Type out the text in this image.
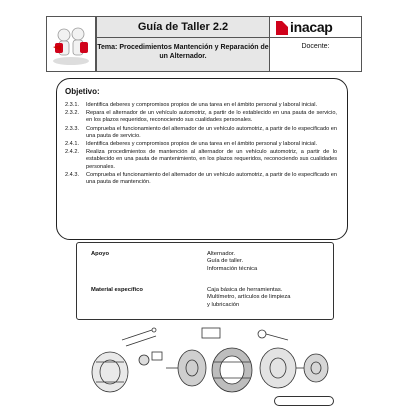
Guía de Taller 2.2
Tema: Procedimientos Mantención y Reparación de un Alternador.
inacap
Docente:
Objetivo:
2.3.1.	Identifica deberes y compromisos propios de una tarea en el ámbito personal y laboral inicial.
2.3.2.	Repara el alternador de un vehículo automotriz, a partir de lo establecido en una pauta de servicio, en los plazos requeridos, reconociendo sus cualidades personales.
2.3.3.	Comprueba el funcionamiento del alternador de un vehículo automotriz, a partir de lo especificado en una pauta de servicio.
2.4.1.	Identifica deberes y compromisos propios de una tarea en el ámbito personal y laboral inicial.
2.4.2.	Realiza procedimientos de mantención al alternador de un vehículo automotriz, a partir de lo establecido en una pauta de mantenimiento, en los plazos requeridos, reconociendo sus cualidades personales.
2.4.3.	Comprueba el funcionamiento del alternador de un vehículo automotriz, a partir de lo especificado en una pauta de mantención.
Apoyo	Alternador.
Guía de taller.
Información técnica
Material específico	Caja básica de herramientas.
Multímetro, artículos de limpieza
y lubricación
